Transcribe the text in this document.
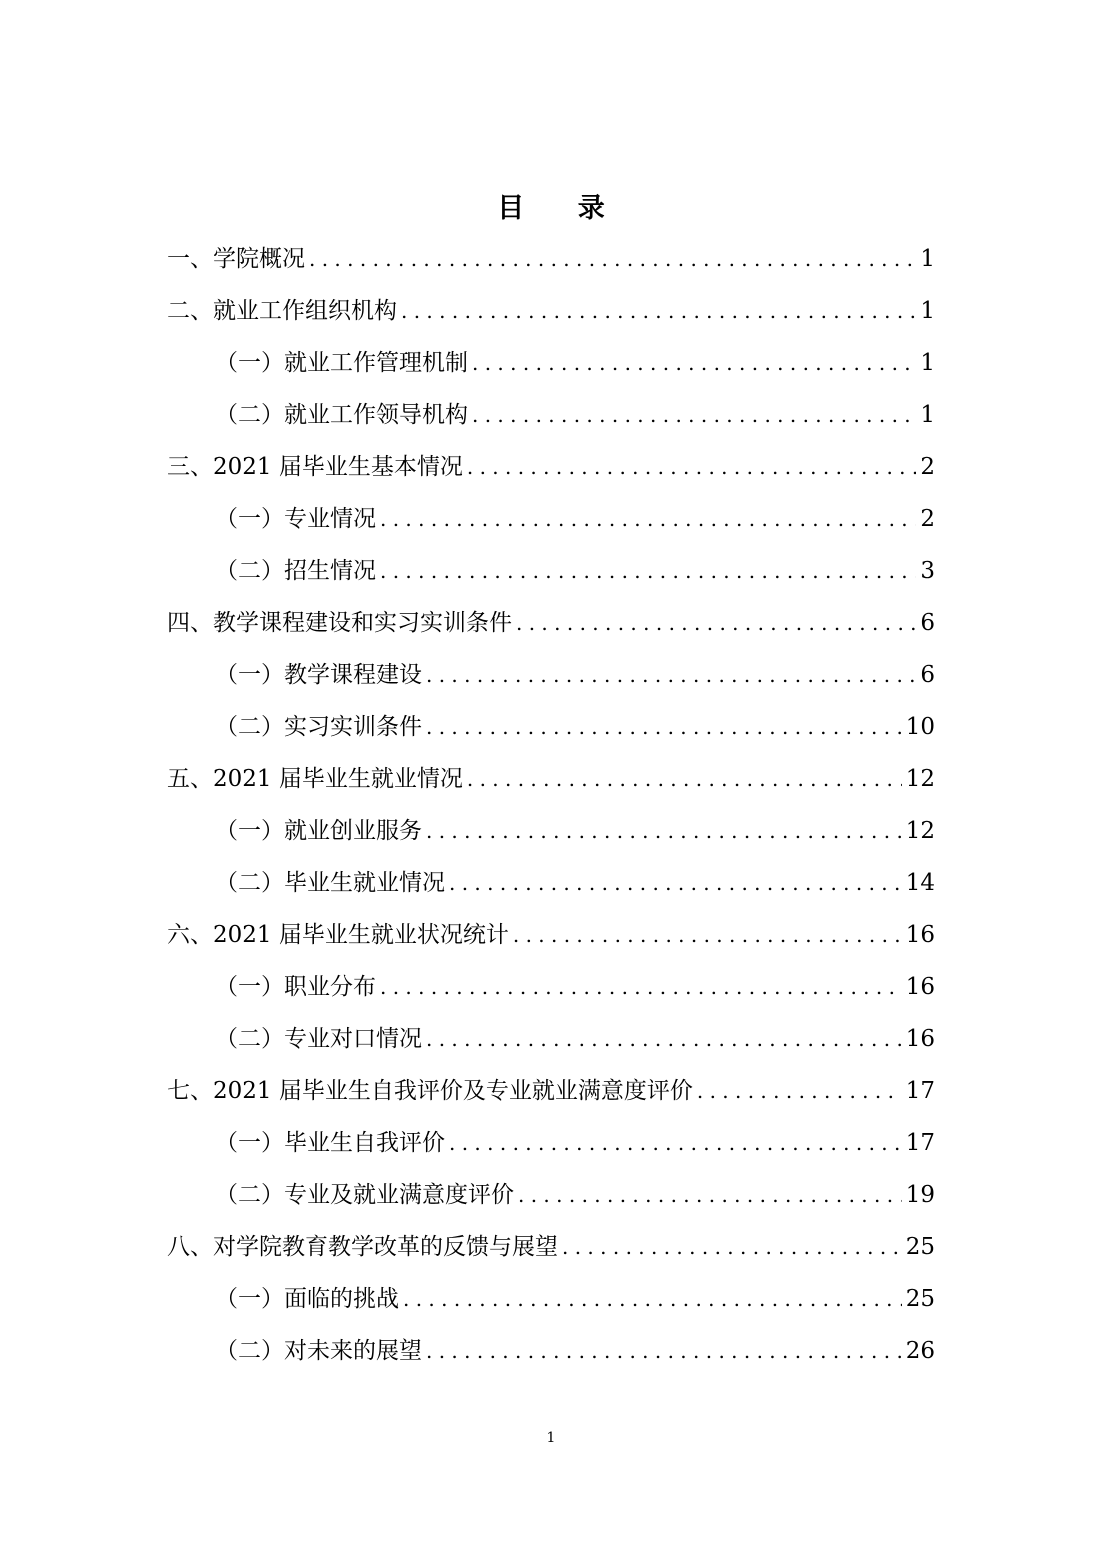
目 录
一、学院概况 . . .	1
二、就业工作组织机构 . . .	1
（一）就业工作管理机制 . . .	1
（二）就业工作领导机构 . . .	1
三、2021 届毕业生基本情况 . . .	2
（一）专业情况 . . .	2
（二）招生情况 . . .	3
四、教学课程建设和实习实训条件 . . .	6
（一）教学课程建设 . . .	6
（二）实习实训条件 . . .	10
五、2021 届毕业生就业情况 . . .	12
（一）就业创业服务 . . .	12
（二）毕业生就业情况 . . .	14
六、2021 届毕业生就业状况统计 . . .	16
（一）职业分布 . . .	16
（二）专业对口情况 . . .	16
七、2021 届毕业生自我评价及专业就业满意度评价 . . .	17
（一）毕业生自我评价 . . .	17
（二）专业及就业满意度评价 . . .	19
八、对学院教育教学改革的反馈与展望 . . .	25
（一）面临的挑战 . . .	25
（二）对未来的展望 . . .	26
1
